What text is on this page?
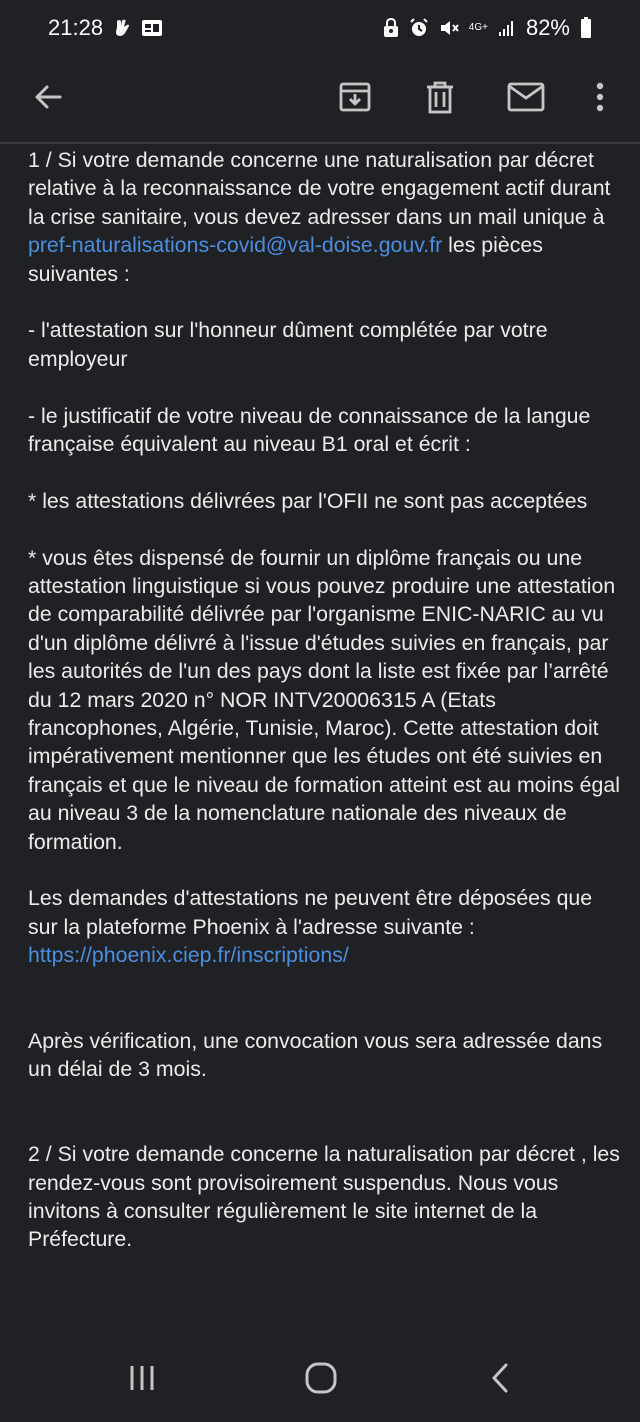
21:28	4G+ 82%

1 / Si votre demande concerne une naturalisation par décret relative à la reconnaissance de votre engagement actif durant la crise sanitaire, vous devez adresser dans un mail unique à pref-naturalisations-covid@val-doise.gouv.fr les pièces suivantes :

- l'attestation sur l'honneur dûment complétée par votre employeur

- le justificatif de votre niveau de connaissance de la langue française équivalent au niveau B1 oral et écrit :

* les attestations délivrées par l'OFII ne sont pas acceptées

* vous êtes dispensé de fournir un diplôme français ou une attestation linguistique si vous pouvez produire une attestation de comparabilité délivrée par l'organisme ENIC-NARIC au vu d'un diplôme délivré à l'issue d'études suivies en français, par les autorités de l'un des pays dont la liste est fixée par l’arrêté du 12 mars 2020 n° NOR INTV20006315 A (Etats francophones, Algérie, Tunisie, Maroc). Cette attestation doit impérativement mentionner que les études ont été suivies en français et que le niveau de formation atteint est au moins égal au niveau 3 de la nomenclature nationale des niveaux de formation.

Les demandes d'attestations ne peuvent être déposées que sur la plateforme Phoenix à l'adresse suivante : https://phoenix.ciep.fr/inscriptions/

Après vérification, une convocation vous sera adressée dans un délai de 3 mois.

2 / Si votre demande concerne la naturalisation par décret , les rendez-vous sont provisoirement suspendus. Nous vous invitons à consulter régulièrement le site internet de la Préfecture.
